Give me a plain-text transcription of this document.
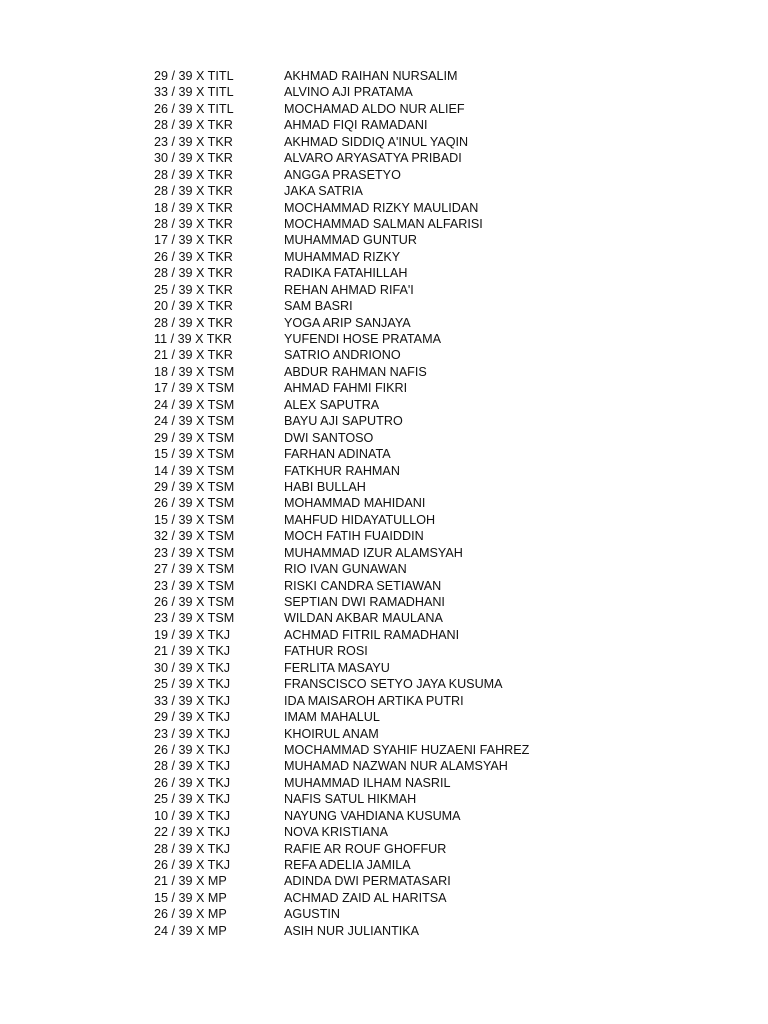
29 / 39 X TITL	AKHMAD RAIHAN NURSALIM
33 / 39 X TITL	ALVINO AJI PRATAMA
26 / 39 X TITL	MOCHAMAD ALDO NUR ALIEF
28 / 39 X TKR	AHMAD FIQI RAMADANI
23 / 39 X TKR	AKHMAD SIDDIQ A'INUL YAQIN
30 / 39 X TKR	ALVARO ARYASATYA PRIBADI
28 / 39 X TKR	ANGGA PRASETYO
28 / 39 X TKR	JAKA SATRIA
18 / 39 X TKR	MOCHAMMAD RIZKY MAULIDAN
28 / 39 X TKR	MOCHAMMAD SALMAN ALFARISI
17 / 39 X TKR	MUHAMMAD GUNTUR
26 / 39 X TKR	MUHAMMAD RIZKY
28 / 39 X TKR	RADIKA FATAHILLAH
25 / 39 X TKR	REHAN AHMAD RIFA'I
20 / 39 X TKR	SAM BASRI
28 / 39 X TKR	YOGA ARIP SANJAYA
11 / 39 X TKR	YUFENDI HOSE PRATAMA
21 / 39 X TKR	SATRIO ANDRIONO
18 / 39 X TSM	ABDUR RAHMAN NAFIS
17 / 39 X TSM	AHMAD FAHMI FIKRI
24 / 39 X TSM	ALEX SAPUTRA
24 / 39 X TSM	BAYU AJI SAPUTRO
29 / 39 X TSM	DWI SANTOSO
15 / 39 X TSM	FARHAN ADINATA
14 / 39 X TSM	FATKHUR RAHMAN
29 / 39 X TSM	HABI BULLAH
26 / 39 X TSM	MOHAMMAD MAHIDANI
15 / 39 X TSM	MAHFUD HIDAYATULLOH
32 / 39 X TSM	MOCH FATIH FUAIDDIN
23 / 39 X TSM	MUHAMMAD IZUR ALAMSYAH
27 / 39 X TSM	RIO IVAN GUNAWAN
23 / 39 X TSM	RISKI CANDRA SETIAWAN
26 / 39 X TSM	SEPTIAN DWI RAMADHANI
23 / 39 X TSM	WILDAN AKBAR MAULANA
19 / 39 X TKJ	ACHMAD FITRIL RAMADHANI
21 / 39 X TKJ	FATHUR ROSI
30 / 39 X TKJ	FERLITA MASAYU
25 / 39 X TKJ	FRANSCISCO SETYO JAYA KUSUMA
33 / 39 X TKJ	IDA MAISAROH ARTIKA PUTRI
29 / 39 X TKJ	IMAM MAHALUL
23 / 39 X TKJ	KHOIRUL ANAM
26 / 39 X TKJ	MOCHAMMAD SYAHIF HUZAENI FAHREZ
28 / 39 X TKJ	MUHAMAD NAZWAN NUR ALAMSYAH
26 / 39 X TKJ	MUHAMMAD ILHAM NASRIL
25 / 39 X TKJ	NAFIS SATUL HIKMAH
10 / 39 X TKJ	NAYUNG VAHDIANA KUSUMA
22 / 39 X TKJ	NOVA KRISTIANA
28 / 39 X TKJ	RAFIE AR ROUF GHOFFUR
26 / 39 X TKJ	REFA ADELIA JAMILA
21 / 39 X MP	ADINDA DWI PERMATASARI
15 / 39 X MP	ACHMAD ZAID AL HARITSA
26 / 39 X MP	AGUSTIN
24 / 39 X MP	ASIH NUR JULIANTIKA
